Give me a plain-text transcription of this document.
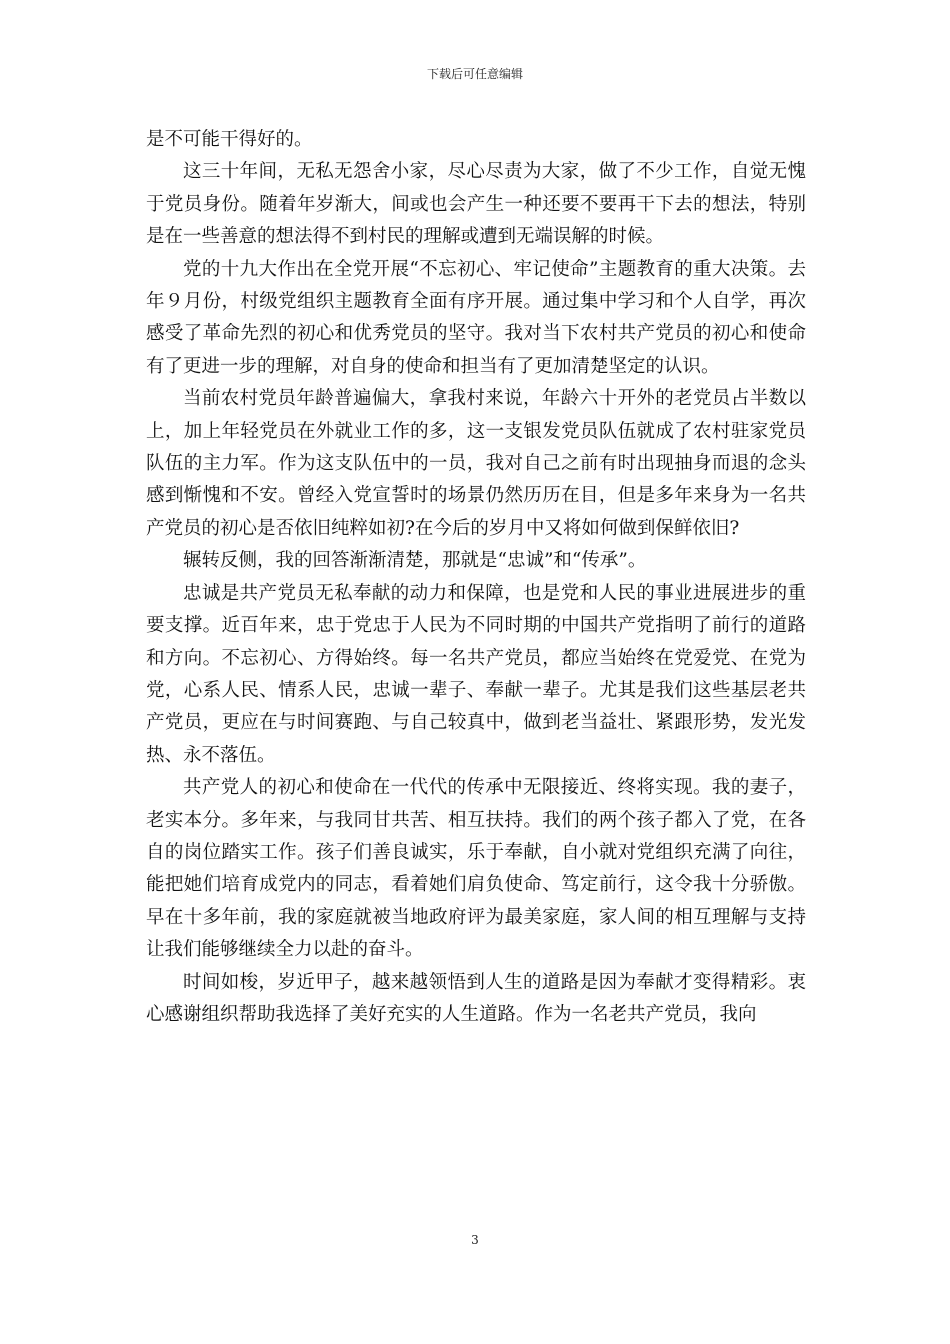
下载后可任意编辑

是不可能干得好的。

这三十年间，无私无怨舍小家，尽心尽责为大家，做了不少工作，自觉无愧于党员身份。随着年岁渐大，间或也会产生一种还要不要再干下去的想法，特别是在一些善意的想法得不到村民的理解或遭到无端误解的时候。

党的十九大作出在全党开展“不忘初心、牢记使命”主题教育的重大决策。去年９月份，村级党组织主题教育全面有序开展。通过集中学习和个人自学，再次感受了革命先烈的初心和优秀党员的坚守。我对当下农村共产党员的初心和使命有了更进一步的理解，对自身的使命和担当有了更加清楚坚定的认识。

当前农村党员年龄普遍偏大，拿我村来说，年龄六十开外的老党员占半数以上，加上年轻党员在外就业工作的多，这一支银发党员队伍就成了农村驻家党员队伍的主力军。作为这支队伍中的一员，我对自己之前有时出现抽身而退的念头感到惭愧和不安。曾经入党宣誓时的场景仍然历历在目，但是多年来身为一名共产党员的初心是否依旧纯粹如初?在今后的岁月中又将如何做到保鲜依旧?

辗转反侧，我的回答渐渐清楚，那就是“忠诚”和“传承”。

忠诚是共产党员无私奉献的动力和保障，也是党和人民的事业进展进步的重要支撑。近百年来，忠于党忠于人民为不同时期的中国共产党指明了前行的道路和方向。不忘初心、方得始终。每一名共产党员，都应当始终在党爱党、在党为党，心系人民、情系人民，忠诚一辈子、奉献一辈子。尤其是我们这些基层老共产党员，更应在与时间赛跑、与自己较真中，做到老当益壮、紧跟形势，发光发热、永不落伍。

共产党人的初心和使命在一代代的传承中无限接近、终将实现。我的妻子，老实本分。多年来，与我同甘共苦、相互扶持。我们的两个孩子都入了党，在各自的岗位踏实工作。孩子们善良诚实，乐于奉献，自小就对党组织充满了向往，能把她们培育成党内的同志，看着她们肩负使命、笃定前行，这令我十分骄傲。早在十多年前，我的家庭就被当地政府评为最美家庭，家人间的相互理解与支持让我们能够继续全力以赴的奋斗。

时间如梭，岁近甲子，越来越领悟到人生的道路是因为奉献才变得精彩。衷心感谢组织帮助我选择了美好充实的人生道路。作为一名老共产党员，我向

3
